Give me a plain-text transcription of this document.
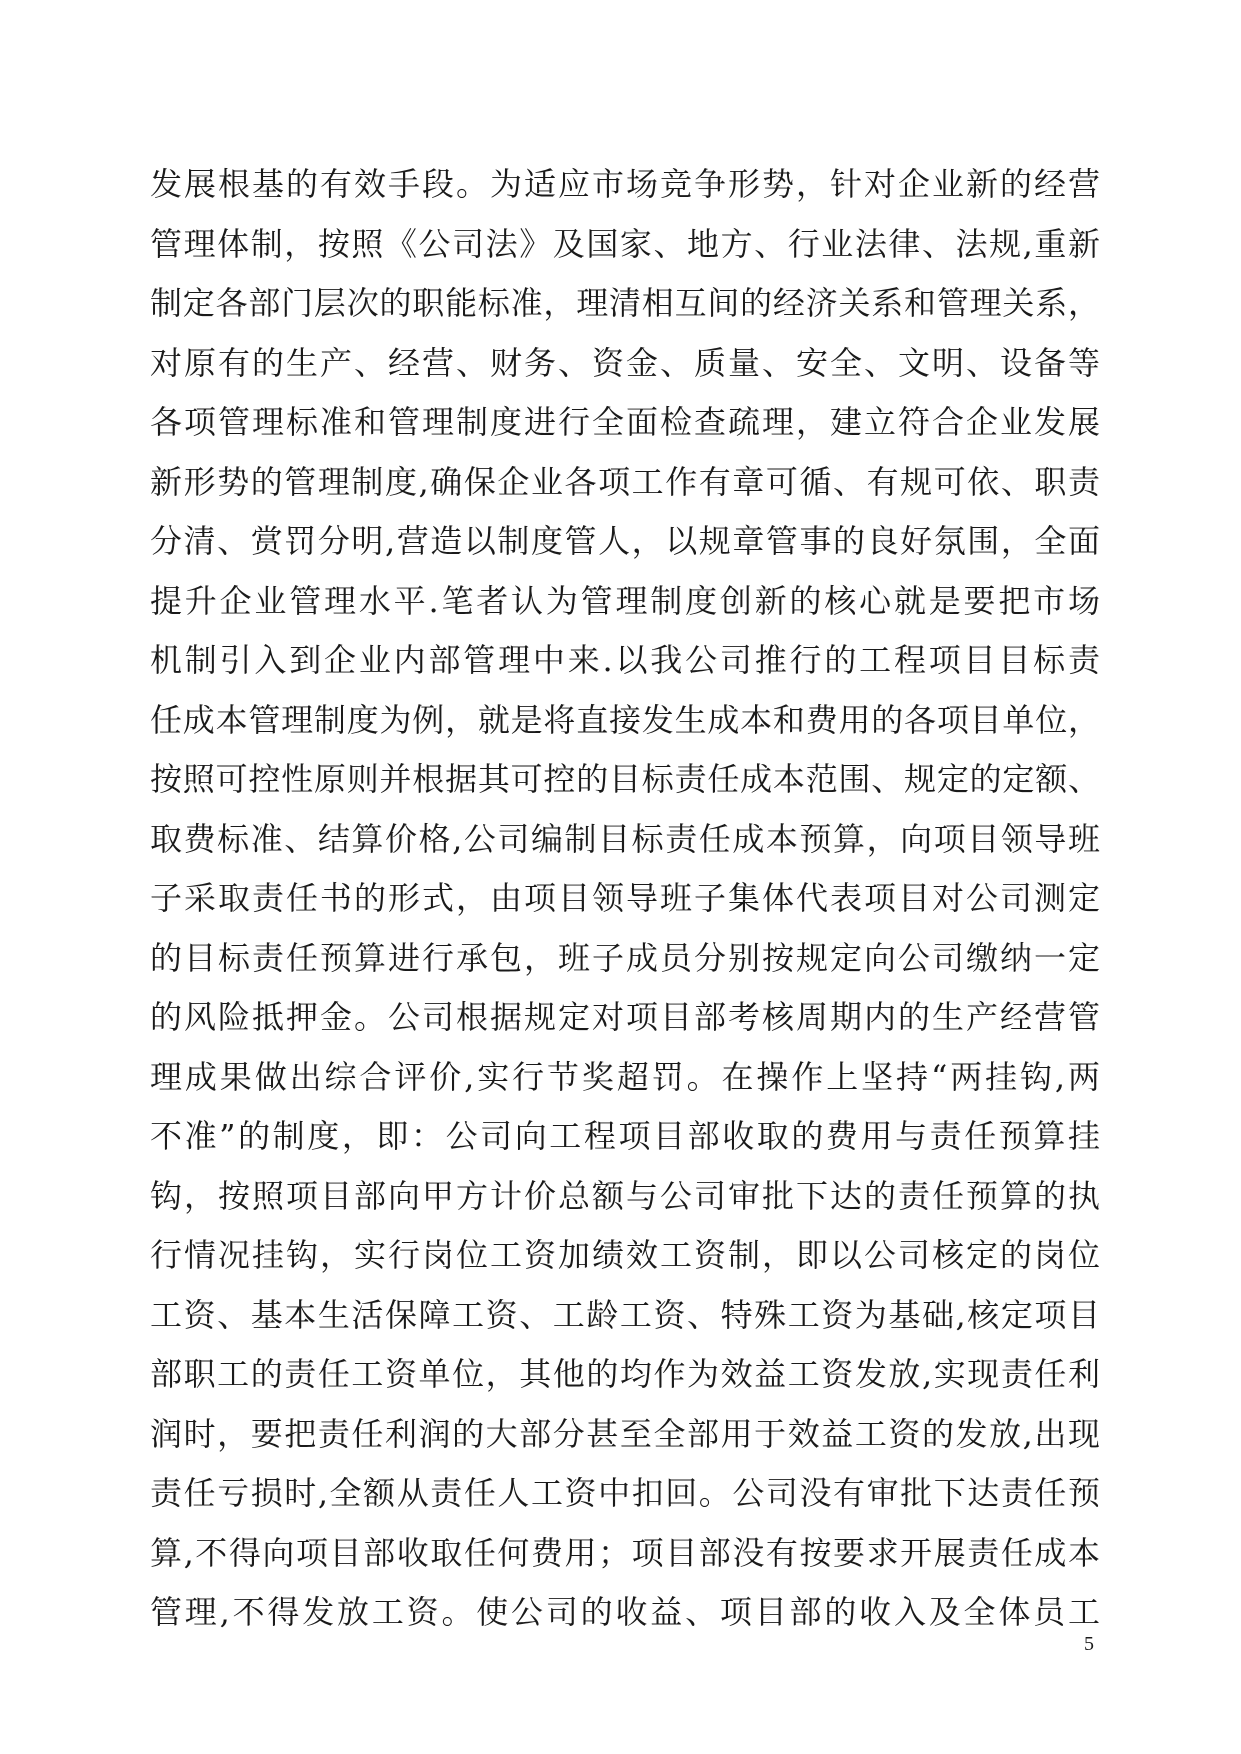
发展根基的有效手段。为适应市场竞争形势，针对企业新的经营
管理体制，按照《公司法》及国家、地方、行业法律、法规,重新
制定各部门层次的职能标准，理清相互间的经济关系和管理关系，
对原有的生产、经营、财务、资金、质量、安全、文明、设备等
各项管理标准和管理制度进行全面检查疏理，建立符合企业发展
新形势的管理制度,确保企业各项工作有章可循、有规可依、职责
分清、赏罚分明,营造以制度管人，以规章管事的良好氛围，全面
提升企业管理水平.笔者认为管理制度创新的核心就是要把市场
机制引入到企业内部管理中来.以我公司推行的工程项目目标责
任成本管理制度为例，就是将直接发生成本和费用的各项目单位，
按照可控性原则并根据其可控的目标责任成本范围、规定的定额、
取费标准、结算价格,公司编制目标责任成本预算，向项目领导班
子采取责任书的形式，由项目领导班子集体代表项目对公司测定
的目标责任预算进行承包，班子成员分别按规定向公司缴纳一定
的风险抵押金。公司根据规定对项目部考核周期内的生产经营管
理成果做出综合评价,实行节奖超罚。在操作上坚持“两挂钩,两
不准”的制度，即：公司向工程项目部收取的费用与责任预算挂
钩，按照项目部向甲方计价总额与公司审批下达的责任预算的执
行情况挂钩，实行岗位工资加绩效工资制，即以公司核定的岗位
工资、基本生活保障工资、工龄工资、特殊工资为基础,核定项目
部职工的责任工资单位，其他的均作为效益工资发放,实现责任利
润时，要把责任利润的大部分甚至全部用于效益工资的发放,出现
责任亏损时,全额从责任人工资中扣回。公司没有审批下达责任预
算,不得向项目部收取任何费用；项目部没有按要求开展责任成本
管理,不得发放工资。使公司的收益、项目部的收入及全体员工
5
